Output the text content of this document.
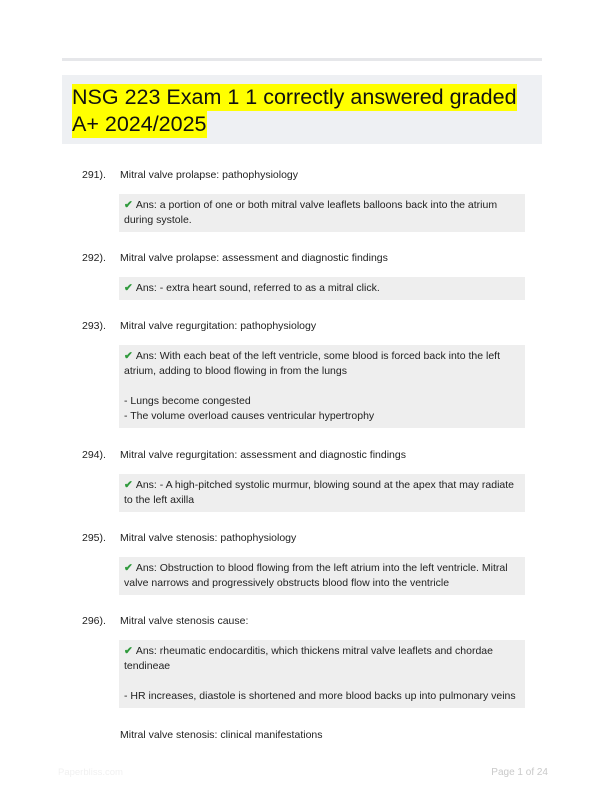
NSG 223 Exam 1 1 correctly answered graded A+ 2024/2025
291). Mitral valve prolapse: pathophysiology
✔ Ans: a portion of one or both mitral valve leaflets balloons back into the atrium
during systole.
292). Mitral valve prolapse: assessment and diagnostic findings
✔ Ans: - extra heart sound, referred to as a mitral click.
293). Mitral valve regurgitation: pathophysiology
✔ Ans: With each beat of the left ventricle, some blood is forced back into the left
atrium, adding to blood flowing in from the lungs
- Lungs become congested
- The volume overload causes ventricular hypertrophy
294). Mitral valve regurgitation: assessment and diagnostic findings
✔ Ans: - A high-pitched systolic murmur, blowing sound at the apex that may radiate
to the left axilla
295). Mitral valve stenosis: pathophysiology
✔ Ans: Obstruction to blood flowing from the left atrium into the left ventricle. Mitral
valve narrows and progressively obstructs blood flow into the ventricle
296). Mitral valve stenosis cause:
✔ Ans: rheumatic endocarditis, which thickens mitral valve leaflets and chordae
tendineae
- HR increases, diastole is shortened and more blood backs up into pulmonary veins
Mitral valve stenosis: clinical manifestations
Paperbliss.com	Page 1 of 24
